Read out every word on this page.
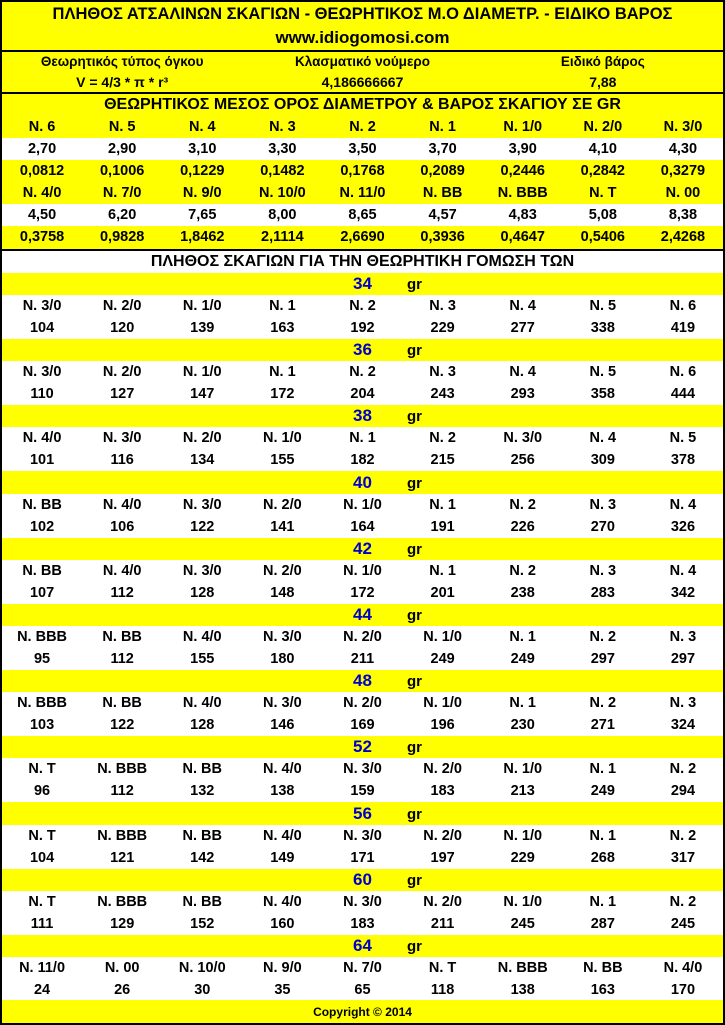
ΠΛΗΘΟΣ ΑΤΣΑΛΙΝΩΝ ΣΚΑΓΙΩΝ - ΘΕΩΡΗΤΙΚΟΣ Μ.Ο ΔΙΑΜΕΤΡ. - ΕΙΔΙΚΟ ΒΑΡΟΣ
www.idiogomosi.com
Θεωρητικός τύπος όγκου	Κλασματικό νούμερο	Ειδικό βάρος
V = 4/3 * π * r³	4,186666667	7,88
ΘΕΩΡΗΤΙΚΟΣ ΜΕΣΟΣ ΟΡΟΣ ΔΙΑΜΕΤΡΟΥ & ΒΑΡΟΣ ΣΚΑΓΙΟΥ ΣΕ GR
N. 6	N. 5	N. 4	N. 3	N. 2	N. 1	N. 1/0	N. 2/0	N. 3/0
2,70	2,90	3,10	3,30	3,50	3,70	3,90	4,10	4,30
0,0812	0,1006	0,1229	0,1482	0,1768	0,2089	0,2446	0,2842	0,3279
N. 4/0	N. 7/0	N. 9/0	N. 10/0	N. 11/0	N. BB	N. BBB	N. T	N. 00
4,50	6,20	7,65	8,00	8,65	4,57	4,83	5,08	8,38
0,3758	0,9828	1,8462	2,1114	2,6690	0,3936	0,4647	0,5406	2,4268
ΠΛΗΘΟΣ ΣΚΑΓΙΩΝ ΓΙΑ ΤΗΝ ΘΕΩΡΗΤΙΚΗ ΓΟΜΩΣΗ ΤΩΝ
34	gr
N. 3/0	N. 2/0	N. 1/0	N. 1	N. 2	N. 3	N. 4	N. 5	N. 6
104	120	139	163	192	229	277	338	419
36	gr
N. 3/0	N. 2/0	N. 1/0	N. 1	N. 2	N. 3	N. 4	N. 5	N. 6
110	127	147	172	204	243	293	358	444
38	gr
N. 4/0	N. 3/0	N. 2/0	N. 1/0	N. 1	N. 2	N. 3/0	N. 4	N. 5
101	116	134	155	182	215	256	309	378
40	gr
N. BB	N. 4/0	N. 3/0	N. 2/0	N. 1/0	N. 1	N. 2	N. 3	N. 4
102	106	122	141	164	191	226	270	326
42	gr
N. BB	N. 4/0	N. 3/0	N. 2/0	N. 1/0	N. 1	N. 2	N. 3	N. 4
107	112	128	148	172	201	238	283	342
44	gr
N. BBB	N. BB	N. 4/0	N. 3/0	N. 2/0	N. 1/0	N. 1	N. 2	N. 3
95	112	155	180	211	249	249	297	297
48	gr
N. BBB	N. BB	N. 4/0	N. 3/0	N. 2/0	N. 1/0	N. 1	N. 2	N. 3
103	122	128	146	169	196	230	271	324
52	gr
N. T	N. BBB	N. BB	N. 4/0	N. 3/0	N. 2/0	N. 1/0	N. 1	N. 2
96	112	132	138	159	183	213	249	294
56	gr
N. T	N. BBB	N. BB	N. 4/0	N. 3/0	N. 2/0	N. 1/0	N. 1	N. 2
104	121	142	149	171	197	229	268	317
60	gr
N. T	N. BBB	N. BB	N. 4/0	N. 3/0	N. 2/0	N. 1/0	N. 1	N. 2
111	129	152	160	183	211	245	287	245
64	gr
N. 11/0	N. 00	N. 10/0	N. 9/0	N. 7/0	N. T	N. BBB	N. BB	N. 4/0
24	26	30	35	65	118	138	163	170
Copyright © 2014
